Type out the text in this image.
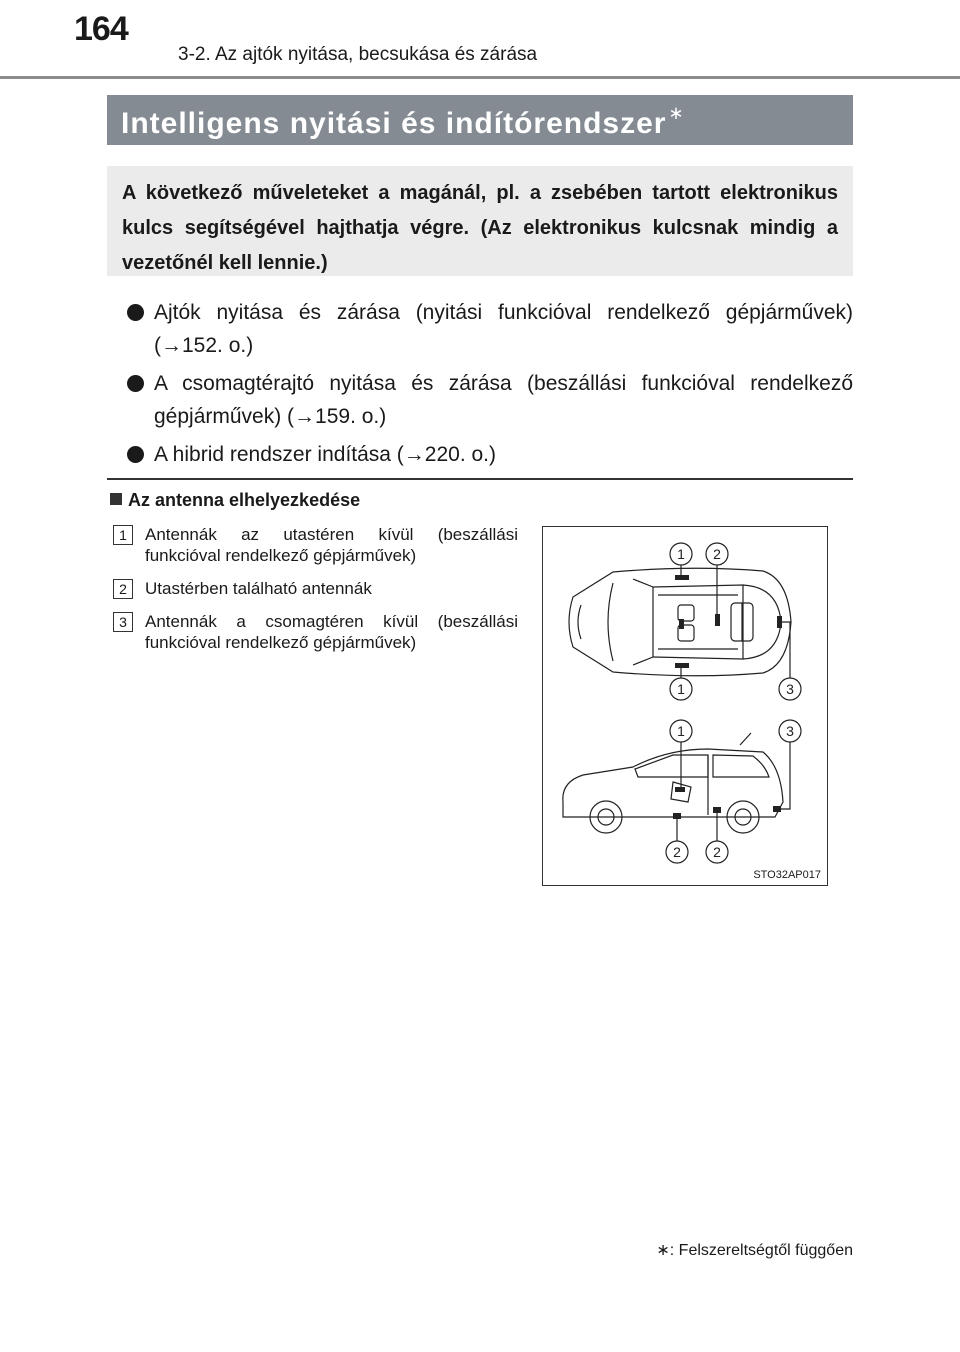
164
3-2. Az ajtók nyitása, becsukása és zárása
Intelligens nyitási és indítórendszer ∗
A következő műveleteket a magánál, pl. a zsebében tartott elektronikus kulcs segítségével hajthatja végre. (Az elektronikus kulcsnak mindig a vezetőnél kell lennie.)
Ajtók nyitása és zárása (nyitási funkcióval rendelkező gépjárművek) (→152. o.)
A csomagtérajtó nyitása és zárása (beszállási funkcióval rendelkező gépjárművek) (→159. o.)
A hibrid rendszer indítása (→220. o.)
Az antenna elhelyezkedése
1	Antennák az utastéren kívül (beszállási funkcióval rendelkező gépjárművek)
2	Utastérben található antennák
3	Antennák a csomagtéren kívül (beszállási funkcióval rendelkező gépjárművek)
1 2
1	3
1	3
2 2
STO32AP017
∗: Felszereltségtől függően
